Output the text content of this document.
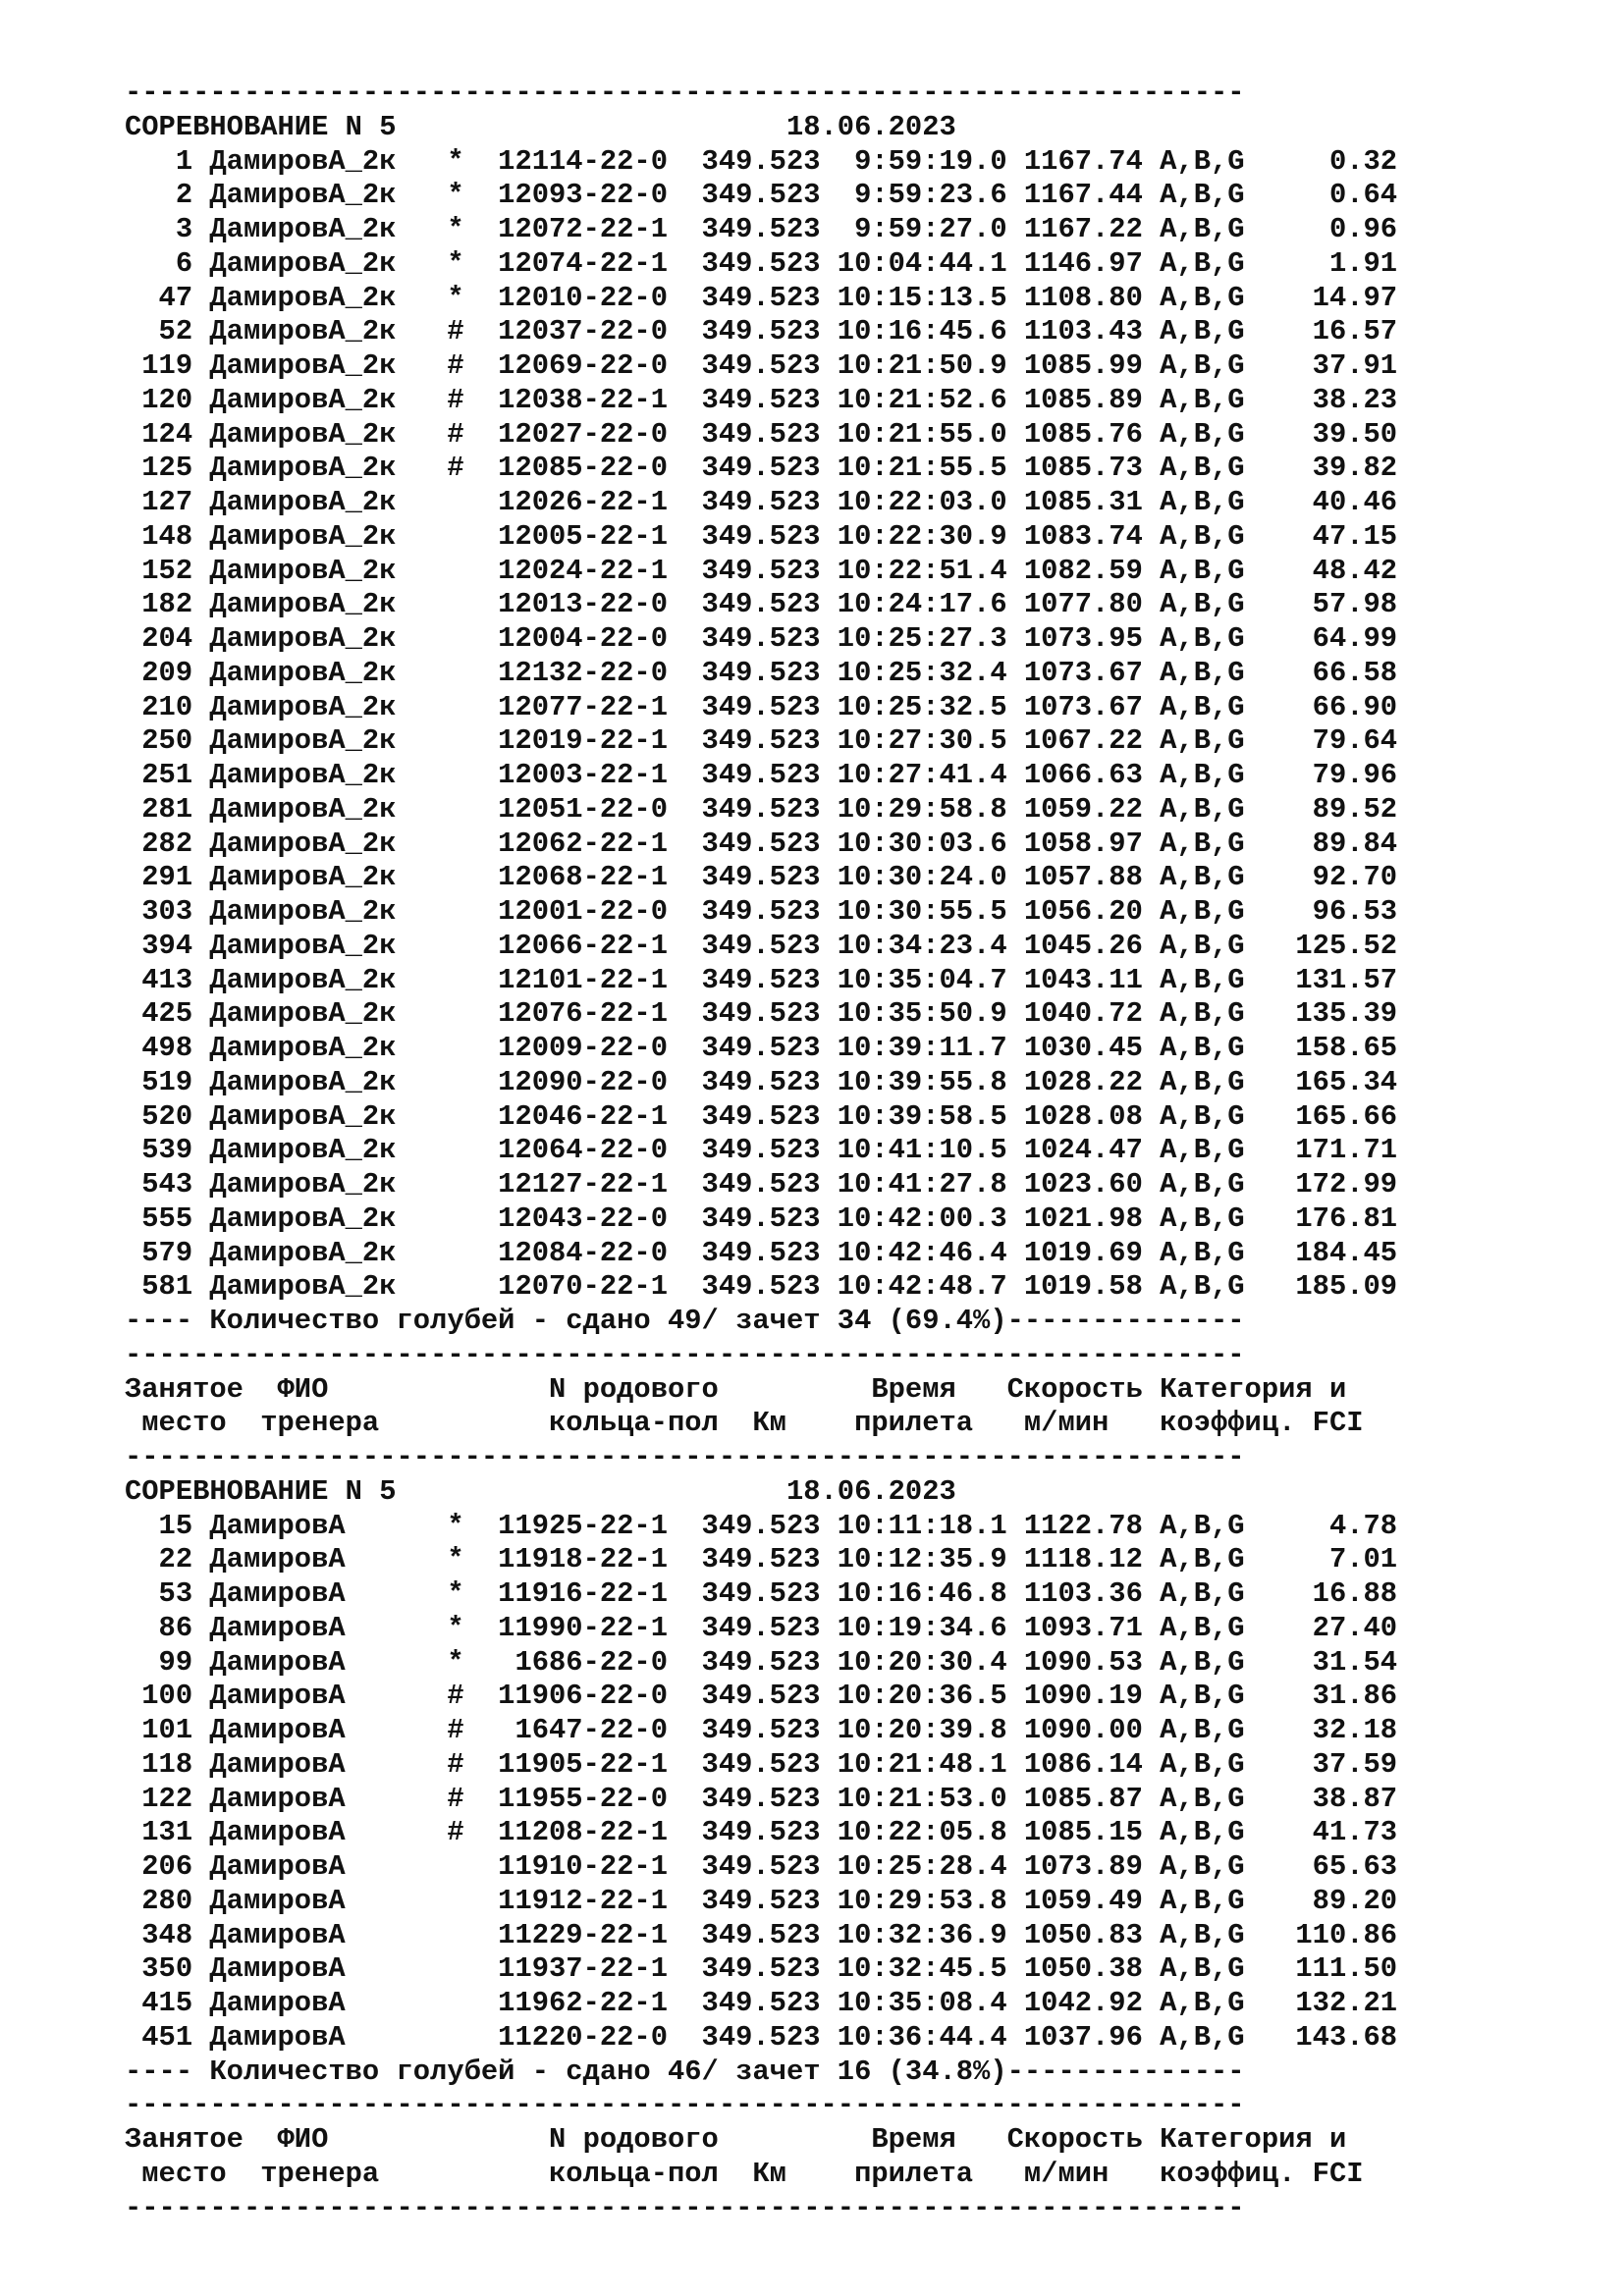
------------------------------------------------------------------
СОРЕВНОВАНИЕ N 5                       18.06.2023
1 ДамировА_2к   *  12114-22-0  349.523  9:59:19.0 1167.74 A,B,G     0.32
2 ДамировА_2к   *  12093-22-0  349.523  9:59:23.6 1167.44 A,B,G     0.64
3 ДамировА_2к   *  12072-22-1  349.523  9:59:27.0 1167.22 A,B,G     0.96
6 ДамировА_2к   *  12074-22-1  349.523 10:04:44.1 1146.97 A,B,G     1.91
47 ДамировА_2к   *  12010-22-0  349.523 10:15:13.5 1108.80 A,B,G    14.97
52 ДамировА_2к   #  12037-22-0  349.523 10:16:45.6 1103.43 A,B,G    16.57
119 ДамировА_2к   #  12069-22-0  349.523 10:21:50.9 1085.99 A,B,G    37.91
120 ДамировА_2к   #  12038-22-1  349.523 10:21:52.6 1085.89 A,B,G    38.23
124 ДамировА_2к   #  12027-22-0  349.523 10:21:55.0 1085.76 A,B,G    39.50
125 ДамировА_2к   #  12085-22-0  349.523 10:21:55.5 1085.73 A,B,G    39.82
127 ДамировА_2к      12026-22-1  349.523 10:22:03.0 1085.31 A,B,G    40.46
148 ДамировА_2к      12005-22-1  349.523 10:22:30.9 1083.74 A,B,G    47.15
152 ДамировА_2к      12024-22-1  349.523 10:22:51.4 1082.59 A,B,G    48.42
182 ДамировА_2к      12013-22-0  349.523 10:24:17.6 1077.80 A,B,G    57.98
204 ДамировА_2к      12004-22-0  349.523 10:25:27.3 1073.95 A,B,G    64.99
209 ДамировА_2к      12132-22-0  349.523 10:25:32.4 1073.67 A,B,G    66.58
210 ДамировА_2к      12077-22-1  349.523 10:25:32.5 1073.67 A,B,G    66.90
250 ДамировА_2к      12019-22-1  349.523 10:27:30.5 1067.22 A,B,G    79.64
251 ДамировА_2к      12003-22-1  349.523 10:27:41.4 1066.63 A,B,G    79.96
281 ДамировА_2к      12051-22-0  349.523 10:29:58.8 1059.22 A,B,G    89.52
282 ДамировА_2к      12062-22-1  349.523 10:30:03.6 1058.97 A,B,G    89.84
291 ДамировА_2к      12068-22-1  349.523 10:30:24.0 1057.88 A,B,G    92.70
303 ДамировА_2к      12001-22-0  349.523 10:30:55.5 1056.20 A,B,G    96.53
394 ДамировА_2к      12066-22-1  349.523 10:34:23.4 1045.26 A,B,G   125.52
413 ДамировА_2к      12101-22-1  349.523 10:35:04.7 1043.11 A,B,G   131.57
425 ДамировА_2к      12076-22-1  349.523 10:35:50.9 1040.72 A,B,G   135.39
498 ДамировА_2к      12009-22-0  349.523 10:39:11.7 1030.45 A,B,G   158.65
519 ДамировА_2к      12090-22-0  349.523 10:39:55.8 1028.22 A,B,G   165.34
520 ДамировА_2к      12046-22-1  349.523 10:39:58.5 1028.08 A,B,G   165.66
539 ДамировА_2к      12064-22-0  349.523 10:41:10.5 1024.47 A,B,G   171.71
543 ДамировА_2к      12127-22-1  349.523 10:41:27.8 1023.60 A,B,G   172.99
555 ДамировА_2к      12043-22-0  349.523 10:42:00.3 1021.98 A,B,G   176.81
579 ДамировА_2к      12084-22-0  349.523 10:42:46.4 1019.69 A,B,G   184.45
581 ДамировА_2к      12070-22-1  349.523 10:42:48.7 1019.58 A,B,G   185.09
---- Количество голубей - сдано 49/ зачет 34 (69.4%)--------------
------------------------------------------------------------------
Занятое  ФИО             N родового         Время   Скорость Категория и
место  тренера          кольца-пол  Км    прилета   м/мин   коэффиц. FCI
------------------------------------------------------------------
СОРЕВНОВАНИЕ N 5                       18.06.2023
15 ДамировА      *  11925-22-1  349.523 10:11:18.1 1122.78 A,B,G     4.78
22 ДамировА      *  11918-22-1  349.523 10:12:35.9 1118.12 A,B,G     7.01
53 ДамировА      *  11916-22-1  349.523 10:16:46.8 1103.36 A,B,G    16.88
86 ДамировА      *  11990-22-1  349.523 10:19:34.6 1093.71 A,B,G    27.40
99 ДамировА      *   1686-22-0  349.523 10:20:30.4 1090.53 A,B,G    31.54
100 ДамировА      #  11906-22-0  349.523 10:20:36.5 1090.19 A,B,G    31.86
101 ДамировА      #   1647-22-0  349.523 10:20:39.8 1090.00 A,B,G    32.18
118 ДамировА      #  11905-22-1  349.523 10:21:48.1 1086.14 A,B,G    37.59
122 ДамировА      #  11955-22-0  349.523 10:21:53.0 1085.87 A,B,G    38.87
131 ДамировА      #  11208-22-1  349.523 10:22:05.8 1085.15 A,B,G    41.73
206 ДамировА         11910-22-1  349.523 10:25:28.4 1073.89 A,B,G    65.63
280 ДамировА         11912-22-1  349.523 10:29:53.8 1059.49 A,B,G    89.20
348 ДамировА         11229-22-1  349.523 10:32:36.9 1050.83 A,B,G   110.86
350 ДамировА         11937-22-1  349.523 10:32:45.5 1050.38 A,B,G   111.50
415 ДамировА         11962-22-1  349.523 10:35:08.4 1042.92 A,B,G   132.21
451 ДамировА         11220-22-0  349.523 10:36:44.4 1037.96 A,B,G   143.68
---- Количество голубей - сдано 46/ зачет 16 (34.8%)--------------
------------------------------------------------------------------
Занятое  ФИО             N родового         Время   Скорость Категория и
место  тренера          кольца-пол  Км    прилета   м/мин   коэффиц. FCI
------------------------------------------------------------------
